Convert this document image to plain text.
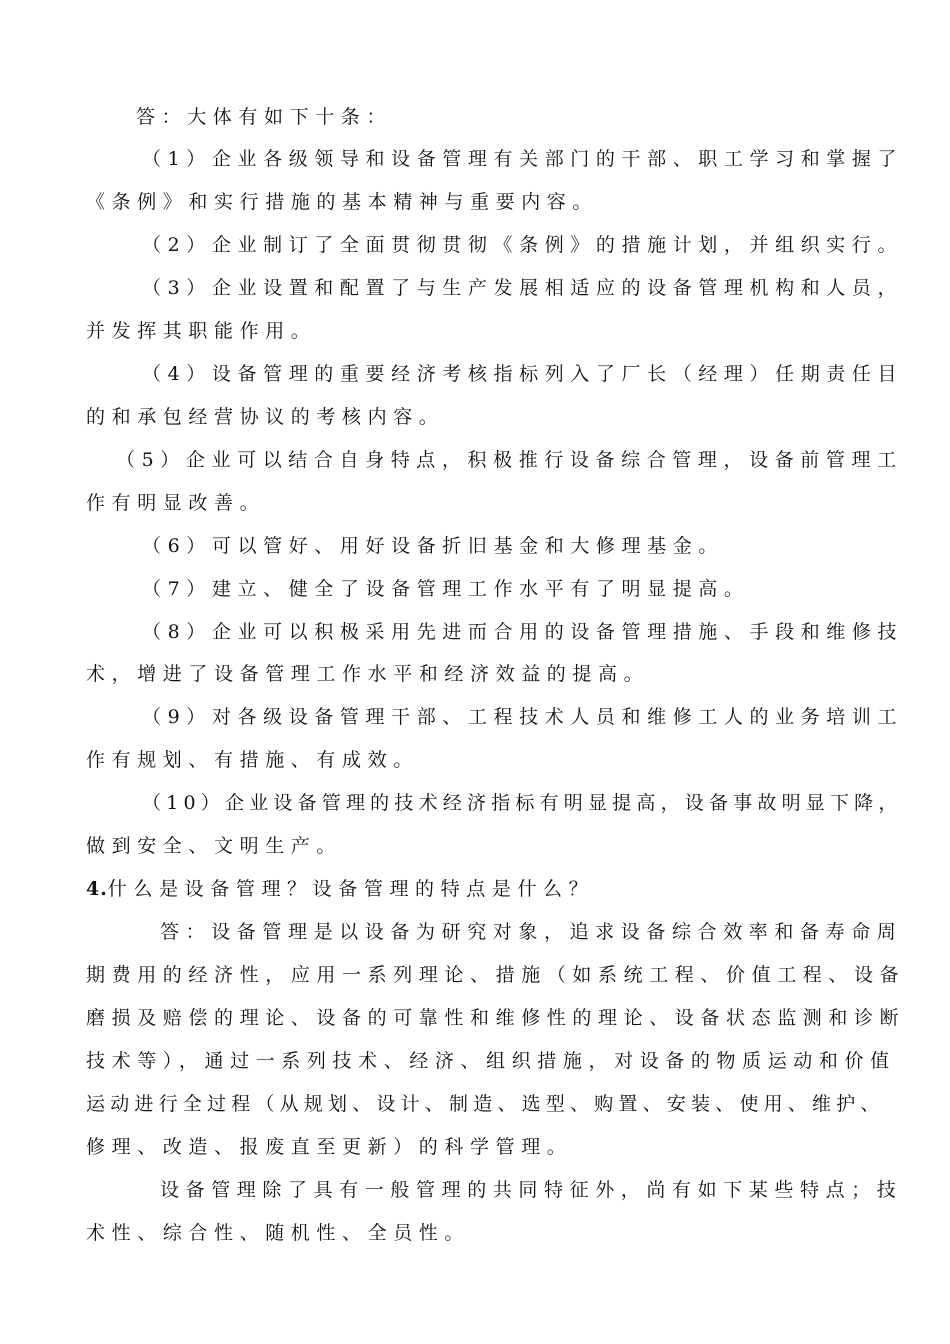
答：大体有如下十条：
（1）企业各级领导和设备管理有关部门的干部、职工学习和掌握了
《条例》和实行措施的基本精神与重要内容。
（2）企业制订了全面贯彻贯彻《条例》的措施计划，并组织实行。
（3）企业设置和配置了与生产发展相适应的设备管理机构和人员，
并发挥其职能作用。
（4）设备管理的重要经济考核指标列入了厂长（经理）任期责任目
的和承包经营协议的考核内容。
（5）企业可以结合自身特点，积极推行设备综合管理，设备前管理工
作有明显改善。
（6）可以管好、用好设备折旧基金和大修理基金。
（7）建立、健全了设备管理工作水平有了明显提高。
（8）企业可以积极采用先进而合用的设备管理措施、手段和维修技
术，增进了设备管理工作水平和经济效益的提高。
（9）对各级设备管理干部、工程技术人员和维修工人的业务培训工
作有规划、有措施、有成效。
（10）企业设备管理的技术经济指标有明显提高，设备事故明显下降，
做到安全、文明生产。
4.什么是设备管理？设备管理的特点是什么？
答：设备管理是以设备为研究对象，追求设备综合效率和备寿命周
期费用的经济性，应用一系列理论、措施（如系统工程、价值工程、设备
磨损及赔偿的理论、设备的可靠性和维修性的理论、设备状态监测和诊断
技术等），通过一系列技术、经济、组织措施，对设备的物质运动和价值
运动进行全过程（从规划、设计、制造、选型、购置、安装、使用、维护、
修理、改造、报废直至更新）的科学管理。
设备管理除了具有一般管理的共同特征外，尚有如下某些特点；技
术性、综合性、随机性、全员性。
